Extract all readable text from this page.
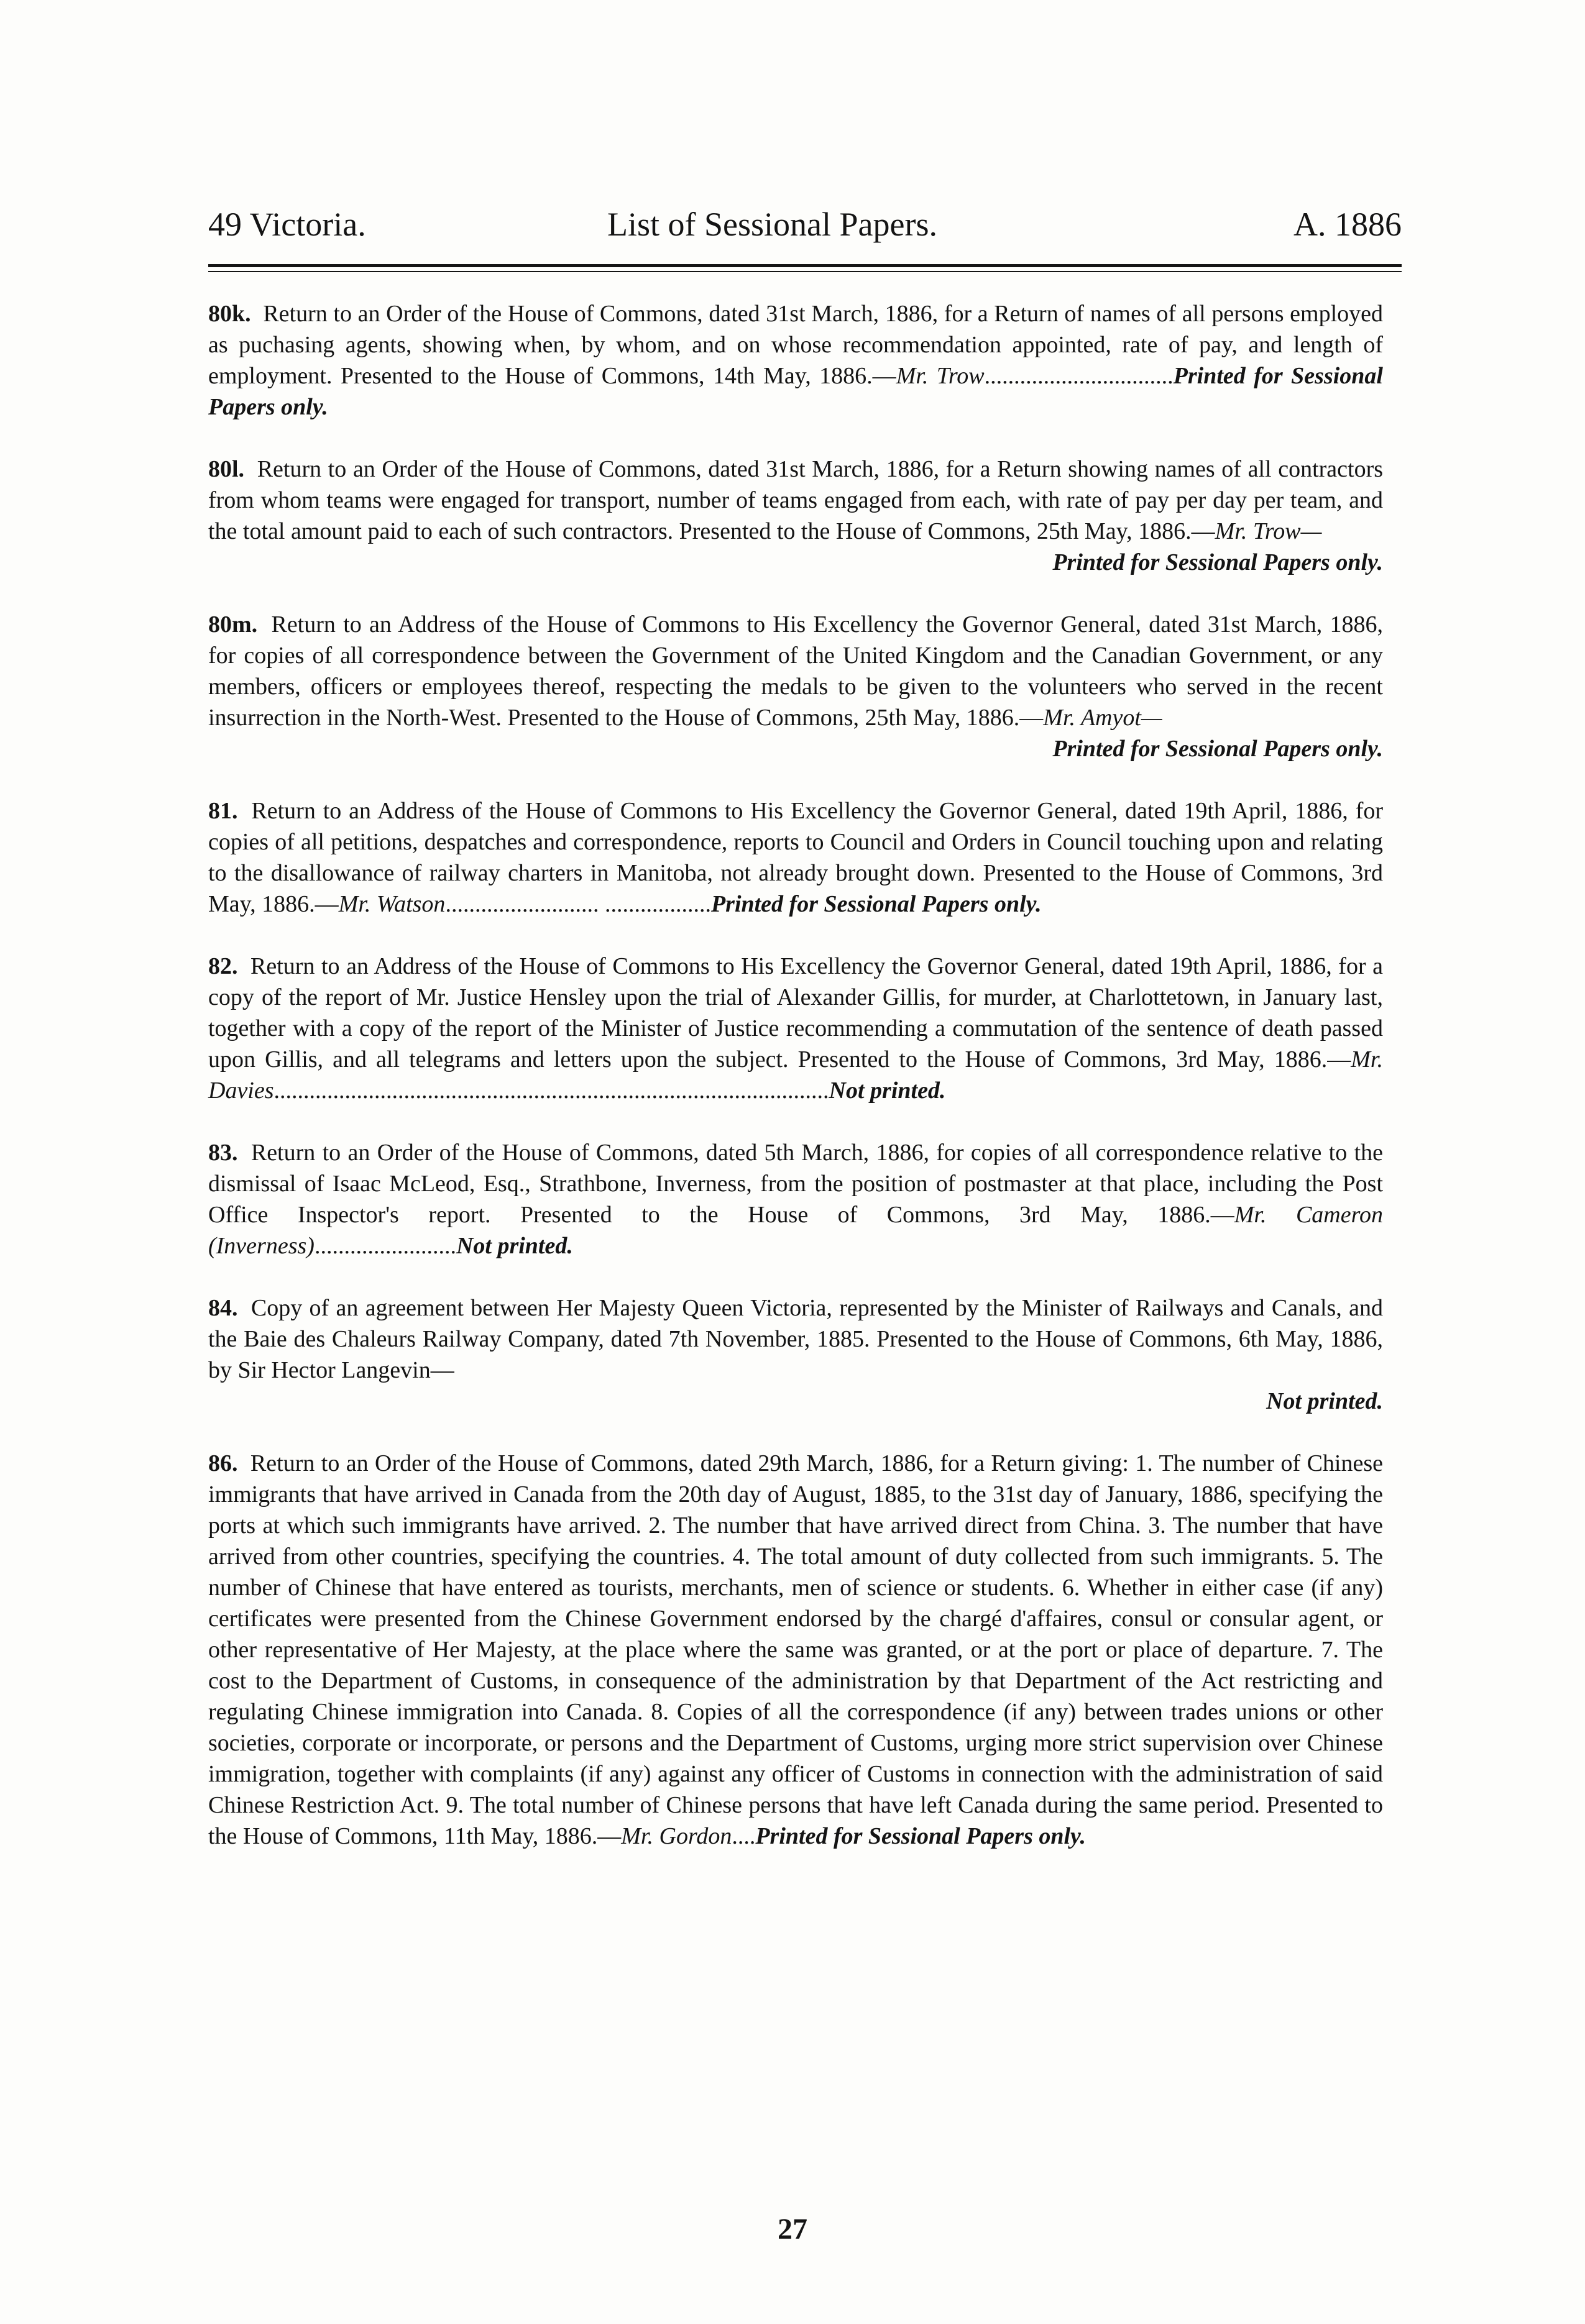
49 Victoria.	List of Sessional Papers.	A. 1886
80k. Return to an Order of the House of Commons, dated 31st March, 1886, for a Return of names of all persons employed as puchasing agents, showing when, by whom, and on whose recommendation appointed, rate of pay, and length of employment. Presented to the House of Commons, 14th May, 1886.—Mr. Trow................................Printed for Sessional Papers only.
80l. Return to an Order of the House of Commons, dated 31st March, 1886, for a Return showing names of all contractors from whom teams were engaged for transport, number of teams engaged from each, with rate of pay per day per team, and the total amount paid to each of such contractors. Presented to the House of Commons, 25th May, 1886.—Mr. Trow—
Printed for Sessional Papers only.
80m. Return to an Address of the House of Commons to His Excellency the Governor General, dated 31st March, 1886, for copies of all correspondence between the Government of the United Kingdom and the Canadian Government, or any members, officers or employees thereof, respecting the medals to be given to the volunteers who served in the recent insurrection in the North-West. Presented to the House of Commons, 25th May, 1886.—Mr. Amyot—
Printed for Sessional Papers only.
81. Return to an Address of the House of Commons to His Excellency the Governor General, dated 19th April, 1886, for copies of all petitions, despatches and correspondence, reports to Council and Orders in Council touching upon and relating to the disallowance of railway charters in Manitoba, not already brought down. Presented to the House of Commons, 3rd May, 1886.—Mr. Watson.......................... ..................Printed for Sessional Papers only.
82. Return to an Address of the House of Commons to His Excellency the Governor General, dated 19th April, 1886, for a copy of the report of Mr. Justice Hensley upon the trial of Alexander Gillis, for murder, at Charlottetown, in January last, together with a copy of the report of the Minister of Justice recommending a commutation of the sentence of death passed upon Gillis, and all telegrams and letters upon the subject. Presented to the House of Commons, 3rd May, 1886.—Mr. Davies..............................................................................................Not printed.
83. Return to an Order of the House of Commons, dated 5th March, 1886, for copies of all correspondence relative to the dismissal of Isaac McLeod, Esq., Strathbone, Inverness, from the position of postmaster at that place, including the Post Office Inspector's report. Presented to the House of Commons, 3rd May, 1886.—Mr. Cameron (Inverness)........................Not printed.
84. Copy of an agreement between Her Majesty Queen Victoria, represented by the Minister of Railways and Canals, and the Baie des Chaleurs Railway Company, dated 7th November, 1885. Presented to the House of Commons, 6th May, 1886, by Sir Hector Langevin—
Not printed.
86. Return to an Order of the House of Commons, dated 29th March, 1886, for a Return giving: 1. The number of Chinese immigrants that have arrived in Canada from the 20th day of August, 1885, to the 31st day of January, 1886, specifying the ports at which such immigrants have arrived. 2. The number that have arrived direct from China. 3. The number that have arrived from other countries, specifying the countries. 4. The total amount of duty collected from such immigrants. 5. The number of Chinese that have entered as tourists, merchants, men of science or students. 6. Whether in either case (if any) certificates were presented from the Chinese Government endorsed by the chargé d'affaires, consul or consular agent, or other representative of Her Majesty, at the place where the same was granted, or at the port or place of departure. 7. The cost to the Department of Customs, in consequence of the administration by that Department of the Act restricting and regulating Chinese immigration into Canada. 8. Copies of all the correspondence (if any) between trades unions or other societies, corporate or incorporate, or persons and the Department of Customs, urging more strict supervision over Chinese immigration, together with complaints (if any) against any officer of Customs in connection with the administration of said Chinese Restriction Act. 9. The total number of Chinese persons that have left Canada during the same period. Presented to the House of Commons, 11th May, 1886.—Mr. Gordon....Printed for Sessional Papers only.
27
